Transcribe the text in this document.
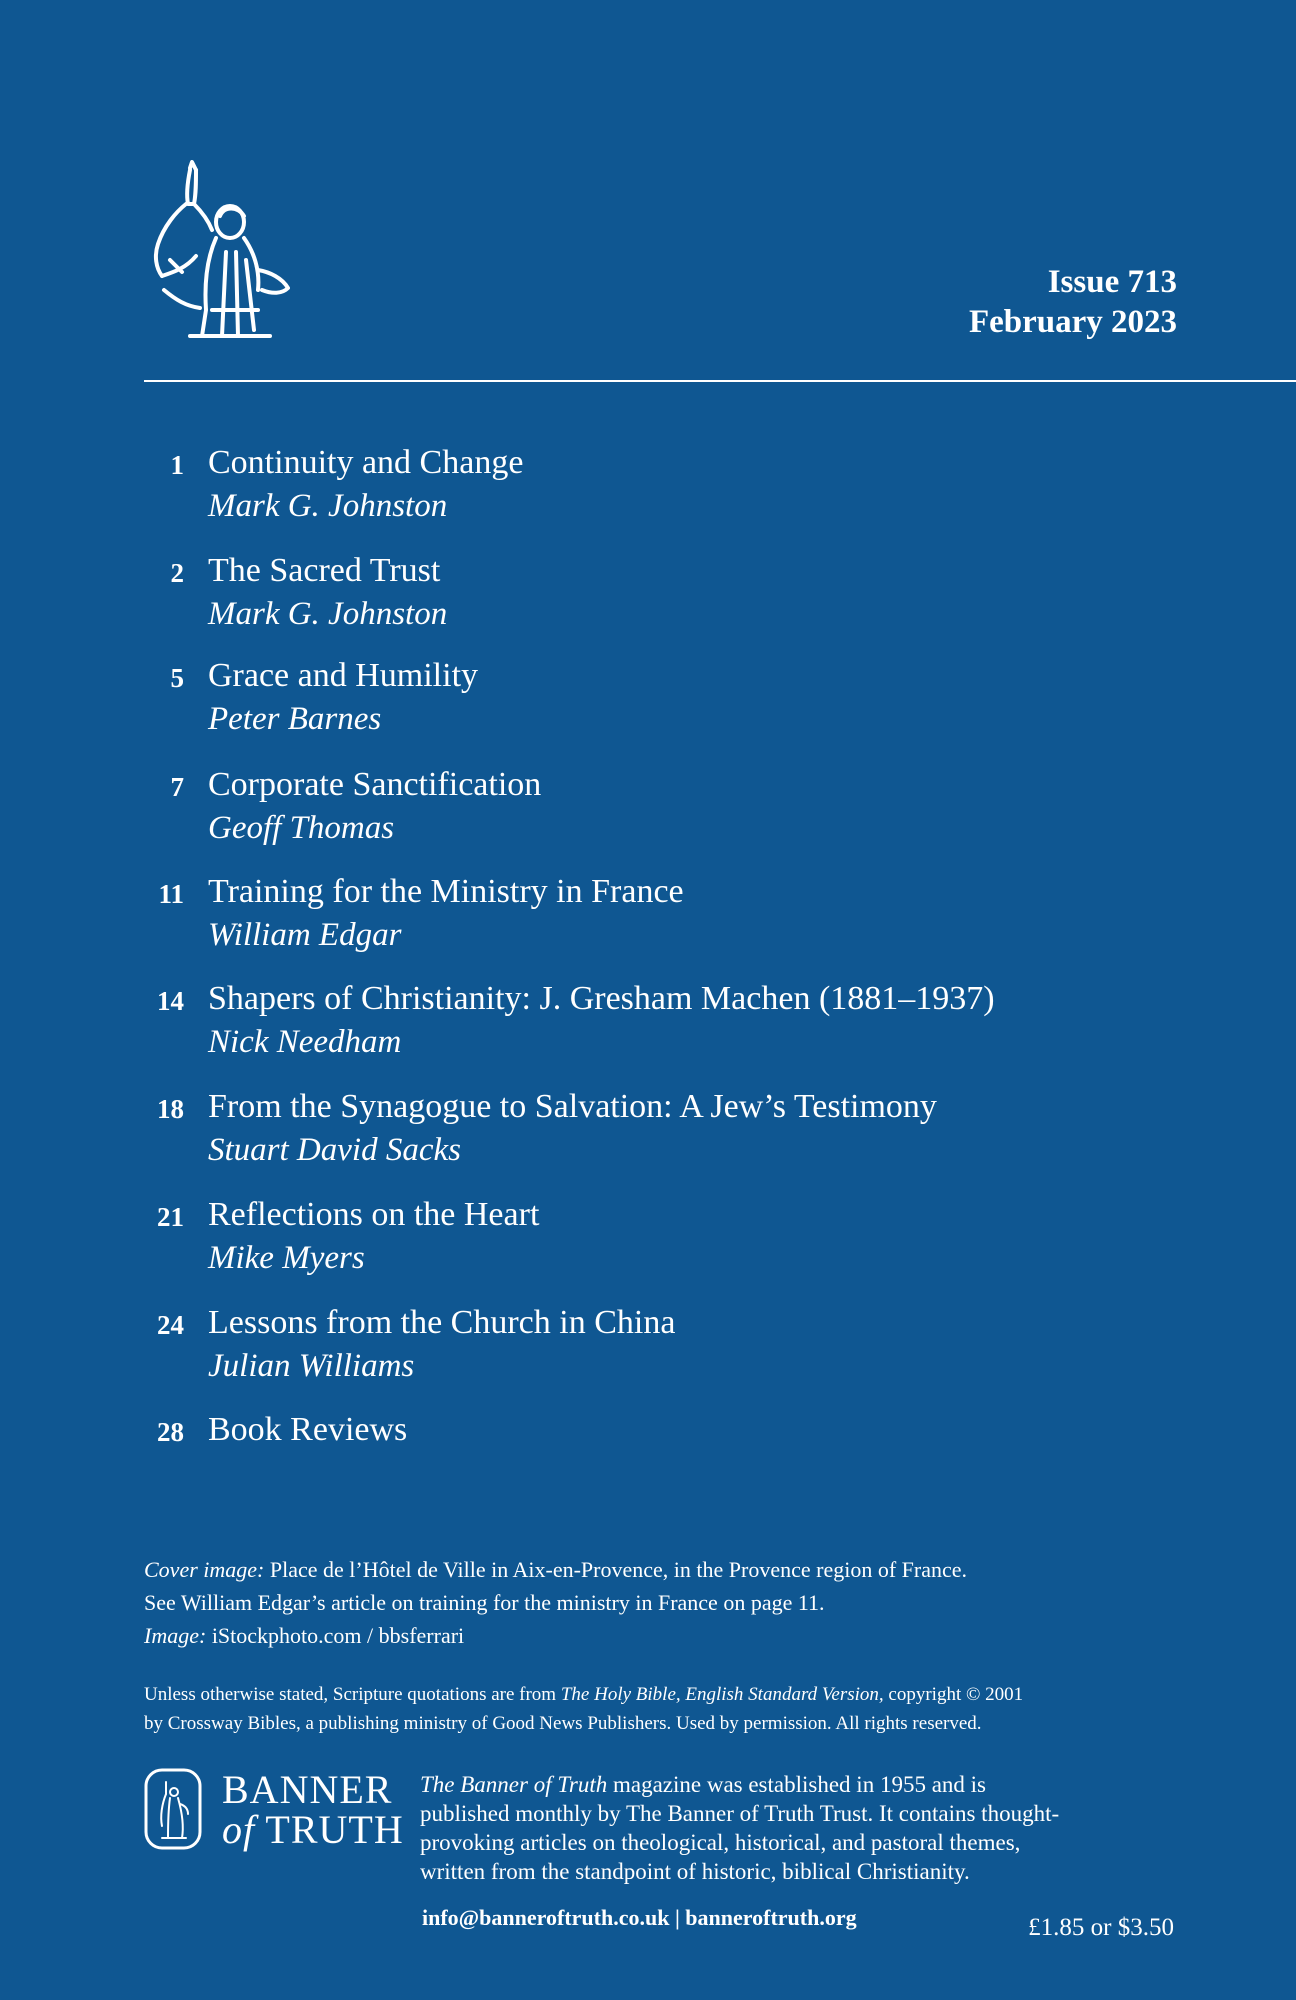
Issue 713
February 2023
1 Continuity and Change
Mark G. Johnston
2 The Sacred Trust
Mark G. Johnston
5 Grace and Humility
Peter Barnes
7 Corporate Sanctification
Geoff Thomas
11 Training for the Ministry in France
William Edgar
14 Shapers of Christianity: J. Gresham Machen (1881–1937)
Nick Needham
18 From the Synagogue to Salvation: A Jew’s Testimony
Stuart David Sacks
21 Reflections on the Heart
Mike Myers
24 Lessons from the Church in China
Julian Williams
28 Book Reviews
Cover image: Place de l’Hôtel de Ville in Aix-en-Provence, in the Provence region of France.
See William Edgar’s article on training for the ministry in France on page 11.
Image: iStockphoto.com / bbsferrari
Unless otherwise stated, Scripture quotations are from The Holy Bible, English Standard Version, copyright © 2001
by Crossway Bibles, a publishing ministry of Good News Publishers. Used by permission. All rights reserved.
BANNER
of TRUTH
The Banner of Truth magazine was established in 1955 and is
published monthly by The Banner of Truth Trust. It contains thought-
provoking articles on theological, historical, and pastoral themes,
written from the standpoint of historic, biblical Christianity.
info@banneroftruth.co.uk | banneroftruth.org	£1.85 or $3.50
